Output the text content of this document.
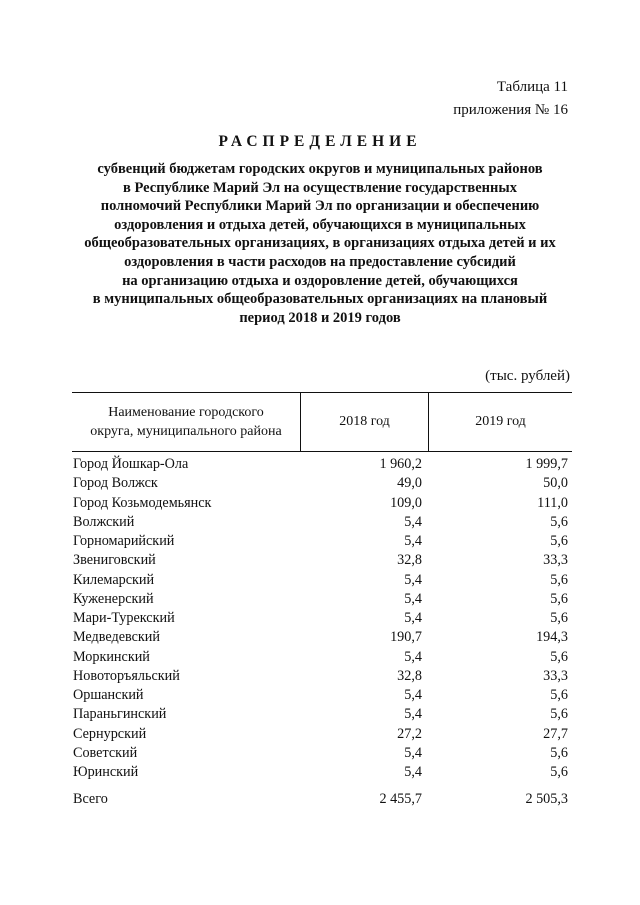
Таблица 11
приложения № 16
РАСПРЕДЕЛЕНИЕ
субвенций бюджетам городских округов и муниципальных районов
в Республике Марий Эл на осуществление государственных
полномочий Республики Марий Эл по организации и обеспечению
оздоровления и отдыха детей, обучающихся в муниципальных
общеобразовательных организациях, в организациях отдыха детей и их
оздоровления в части расходов на предоставление субсидий
на организацию отдыха и оздоровление детей, обучающихся
в муниципальных общеобразовательных организациях на плановый
период 2018 и 2019 годов
(тыс. рублей)
Наименование городского
округа, муниципального района
2018 год	2019 год
Город Йошкар-Ола	1 960,2	1 999,7
Город Волжск	49,0	50,0
Город Козьмодемьянск	109,0	111,0
Волжский	5,4	5,6
Горномарийский	5,4	5,6
Звениговский	32,8	33,3
Килемарский	5,4	5,6
Куженерский	5,4	5,6
Мари-Турекский	5,4	5,6
Медведевский	190,7	194,3
Моркинский	5,4	5,6
Новоторъяльский	32,8	33,3
Оршанский	5,4	5,6
Параньгинский	5,4	5,6
Сернурский	27,2	27,7
Советский	5,4	5,6
Юринский	5,4	5,6
Всего	2 455,7	2 505,3
